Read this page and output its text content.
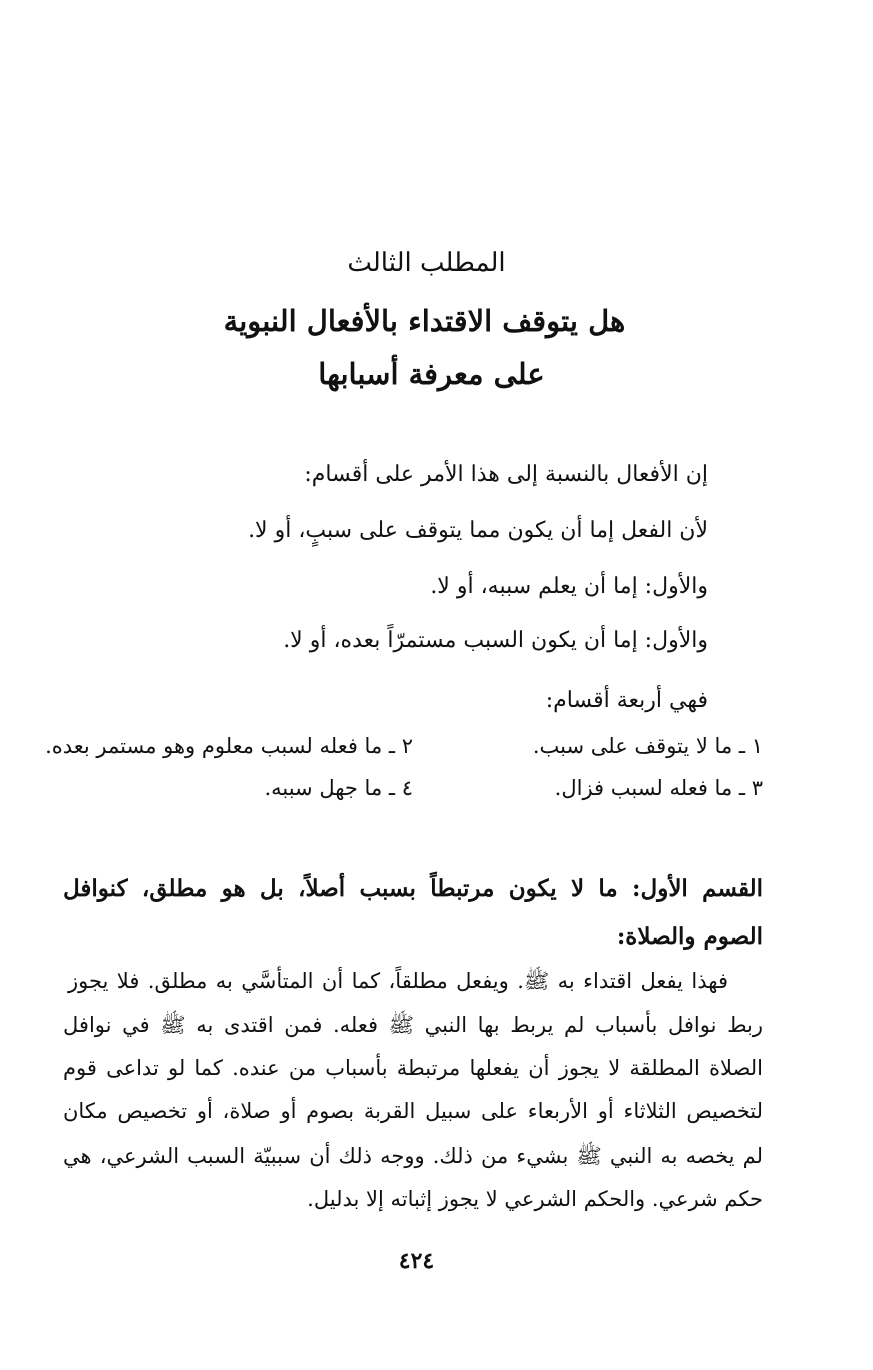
المطلب الثالث
هل يتوقف الاقتداء بالأفعال النبوية
على معرفة أسبابها
إن الأفعال بالنسبة إلى هذا الأمر على أقسام:
لأن الفعل إما أن يكون مما يتوقف على سببٍ، أو لا.
والأول: إما أن يعلم سببه، أو لا.
والأول: إما أن يكون السبب مستمرّاً بعده، أو لا.
فهي أربعة أقسام:
١ ـ ما لا يتوقف على سبب.
٢ ـ ما فعله لسبب معلوم وهو مستمر بعده.
٣ ـ ما فعله لسبب فزال.
٤ ـ ما جهل سببه.
القسم الأول: ما لا يكون مرتبطاً بسبب أصلاً، بل هو مطلق، كنوافل
الصوم والصلاة:
فهذا يفعل اقتداء به ﷺ. ويفعل مطلقاً، كما أن المتأسَّي به مطلق. فلا يجوز
ربط نوافل بأسباب لم يربط بها النبي ﷺ فعله. فمن اقتدى به ﷺ في نوافل
الصلاة المطلقة لا يجوز أن يفعلها مرتبطة بأسباب من عنده. كما لو تداعى قوم
لتخصيص الثلاثاء أو الأربعاء على سبيل القربة بصوم أو صلاة، أو تخصيص مكان
لم يخصه به النبي ﷺ بشيء من ذلك. ووجه ذلك أن سببيّة السبب الشرعي، هي
حكم شرعي. والحكم الشرعي لا يجوز إثباته إلا بدليل.
٤٢٤
